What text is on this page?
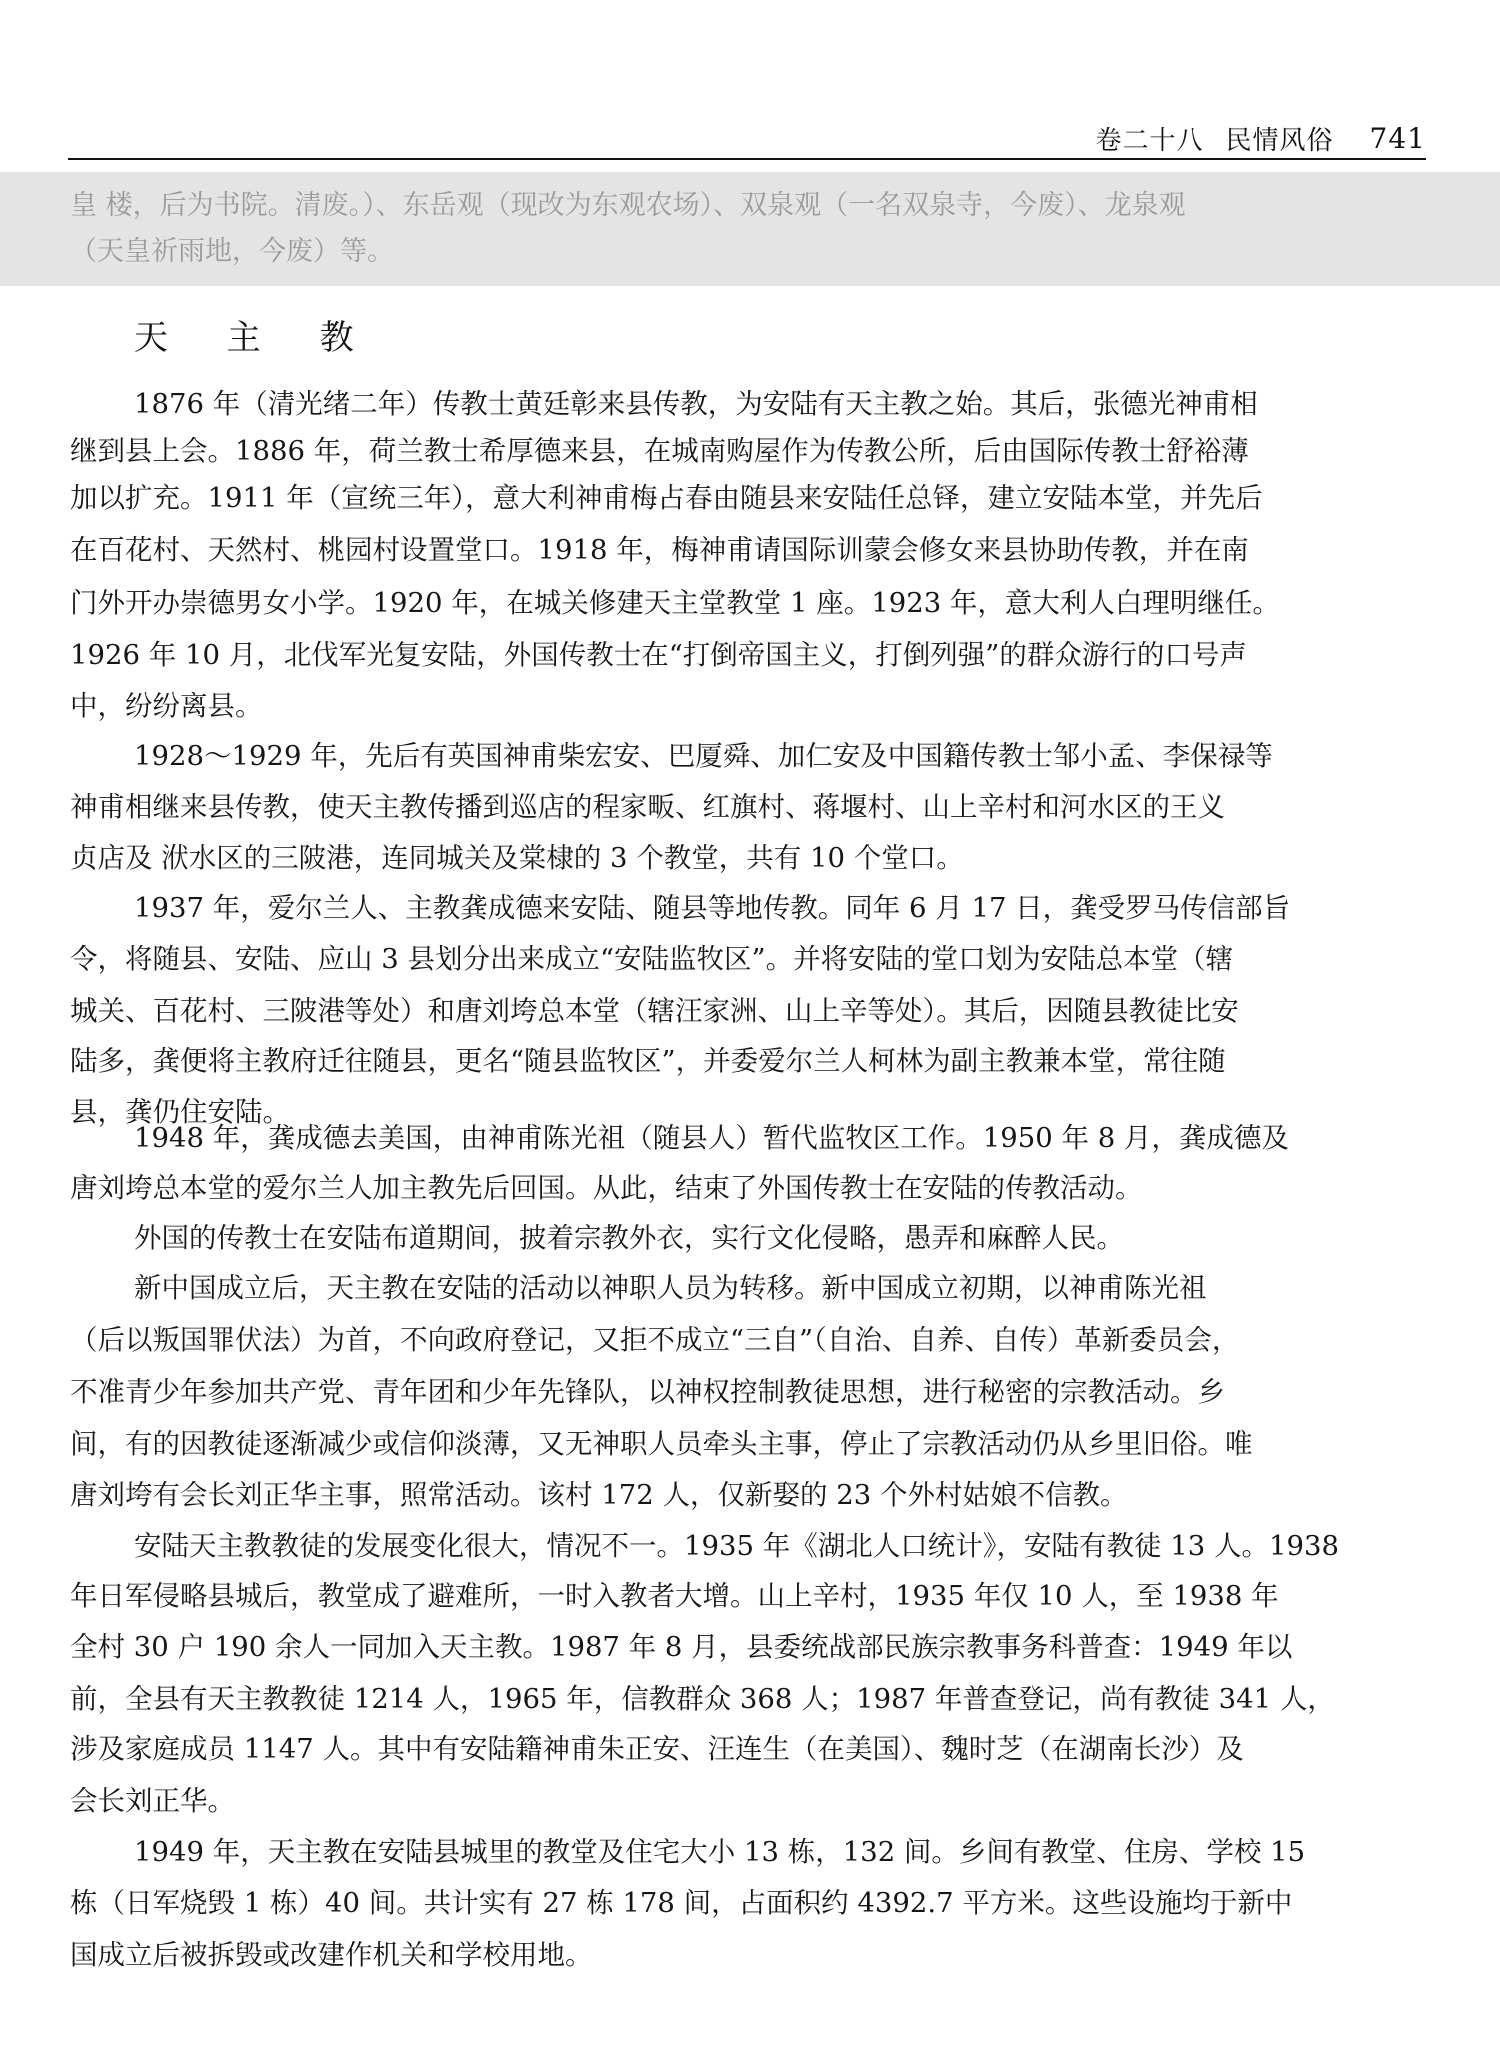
卷二十八 民情风俗 741

皇 楼，后为书院。清废。）、东岳观（现改为东观农场）、双泉观（一名双泉寺，今废）、龙泉观

（天皇祈雨地，今废）等。

天 主 教

1876 年（清光绪二年）传教士黄廷彰来县传教，为安陆有天主教之始。其后，张德光神甫相

继到县上会。1886 年，荷兰教士希厚德来县，在城南购屋作为传教公所，后由国际传教士舒裕薄

加以扩充。1911 年（宣统三年），意大利神甫梅占春由随县来安陆任总铎，建立安陆本堂，并先后

在百花村、天然村、桃园村设置堂口。1918 年，梅神甫请国际训蒙会修女来县协助传教，并在南

门外开办崇德男女小学。1920 年，在城关修建天主堂教堂 1 座。1923 年，意大利人白理明继任。

1926 年 10 月，北伐军光复安陆，外国传教士在“打倒帝国主义，打倒列强”的群众游行的口号声

中，纷纷离县。

1928～1929 年，先后有英国神甫柴宏安、巴厦舜、加仁安及中国籍传教士邹小孟、李保禄等

神甫相继来县传教，使天主教传播到巡店的程家畈、红旗村、蒋堰村、山上辛村和河水区的王义

贞店及 洑水区的三陂港，连同城关及棠棣的 3 个教堂，共有 10 个堂口。

1937 年，爱尔兰人、主教龚成德来安陆、随县等地传教。同年 6 月 17 日，龚受罗马传信部旨

令，将随县、安陆、应山 3 县划分出来成立“安陆监牧区”。并将安陆的堂口划为安陆总本堂（辖

城关、百花村、三陂港等处）和唐刘垮总本堂（辖汪家洲、山上辛等处）。其后，因随县教徒比安

陆多，龚便将主教府迁往随县，更名“随县监牧区”，并委爱尔兰人柯林为副主教兼本堂，常往随

县，龚仍住安陆。

1948 年，龚成德去美国，由神甫陈光祖（随县人）暂代监牧区工作。1950 年 8 月，龚成德及

唐刘垮总本堂的爱尔兰人加主教先后回国。从此，结束了外国传教士在安陆的传教活动。

外国的传教士在安陆布道期间，披着宗教外衣，实行文化侵略，愚弄和麻醉人民。

新中国成立后，天主教在安陆的活动以神职人员为转移。新中国成立初期，以神甫陈光祖

（后以叛国罪伏法）为首，不向政府登记，又拒不成立“三自”（自治、自养、自传）革新委员会，

不准青少年参加共产党、青年团和少年先锋队，以神权控制教徒思想，进行秘密的宗教活动。乡

间，有的因教徒逐渐减少或信仰淡薄，又无神职人员牵头主事，停止了宗教活动仍从乡里旧俗。唯

唐刘垮有会长刘正华主事，照常活动。该村 172 人，仅新娶的 23 个外村姑娘不信教。

安陆天主教教徒的发展变化很大，情况不一。1935 年《湖北人口统计》，安陆有教徒 13 人。1938

年日军侵略县城后，教堂成了避难所，一时入教者大增。山上辛村，1935 年仅 10 人，至 1938 年

全村 30 户 190 余人一同加入天主教。1987 年 8 月，县委统战部民族宗教事务科普查：1949 年以

前，全县有天主教教徒 1214 人，1965 年，信教群众 368 人；1987 年普查登记，尚有教徒 341 人，

涉及家庭成员 1147 人。其中有安陆籍神甫朱正安、汪连生（在美国）、魏时芝（在湖南长沙）及

会长刘正华。

1949 年，天主教在安陆县城里的教堂及住宅大小 13 栋，132 间。乡间有教堂、住房、学校 15

栋（日军烧毁 1 栋）40 间。共计实有 27 栋 178 间，占面积约 4392.7 平方米。这些设施均于新中

国成立后被拆毁或改建作机关和学校用地。
